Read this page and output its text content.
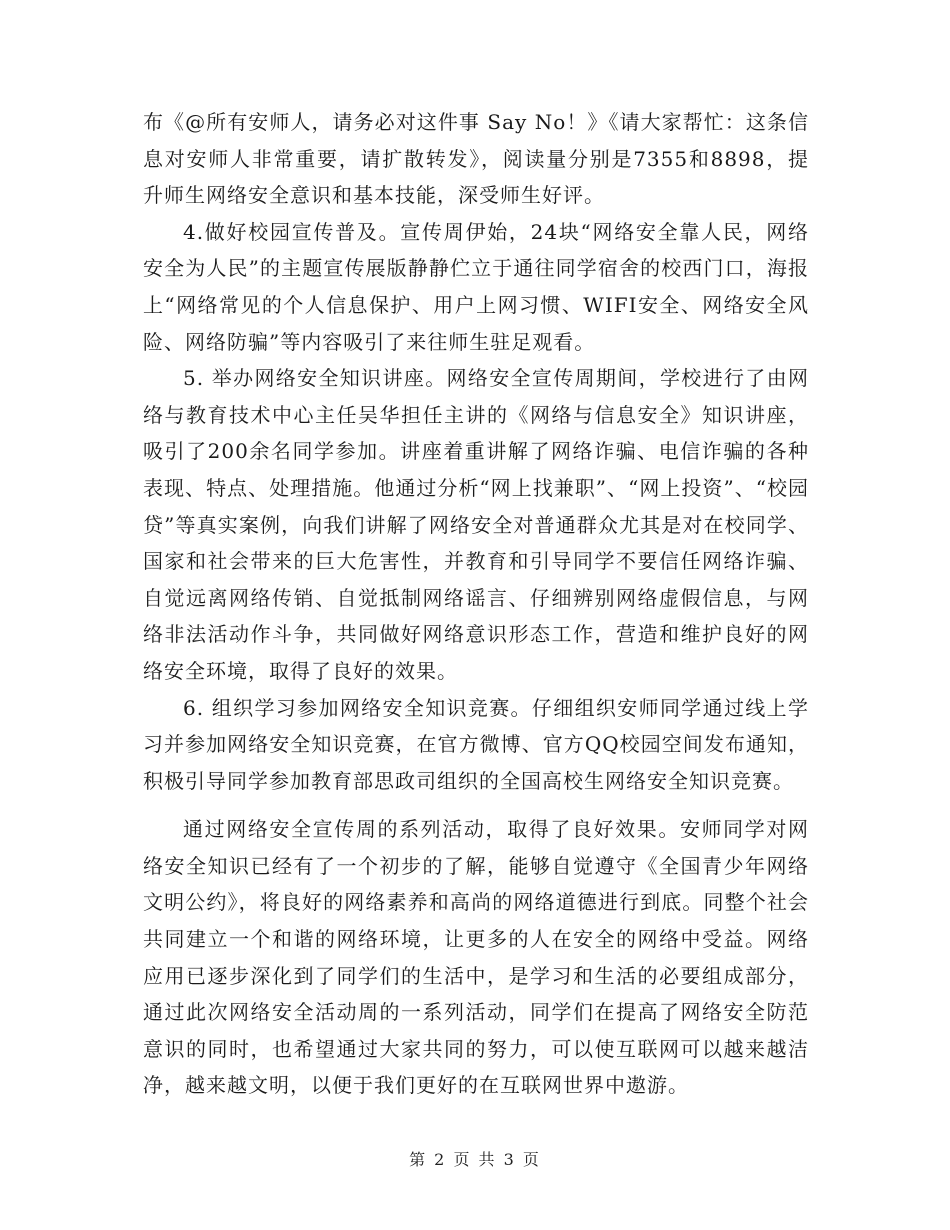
布《@所有安师人，请务必对这件事 Say No！》《请大家帮忙：这条信息对安师人非常重要，请扩散转发》，阅读量分别是7355和8898，提升师生网络安全意识和基本技能，深受师生好评。

4.做好校园宣传普及。宣传周伊始，24块“网络安全靠人民，网络安全为人民”的主题宣传展版静静伫立于通往同学宿舍的校西门口，海报上“网络常见的个人信息保护、用户上网习惯、WIFI安全、网络安全风险、网络防骗”等内容吸引了来往师生驻足观看。

5. 举办网络安全知识讲座。网络安全宣传周期间，学校进行了由网络与教育技术中心主任吴华担任主讲的《网络与信息安全》知识讲座，吸引了200余名同学参加。讲座着重讲解了网络诈骗、电信诈骗的各种表现、特点、处理措施。他通过分析“网上找兼职”、“网上投资”、“校园贷”等真实案例，向我们讲解了网络安全对普通群众尤其是对在校同学、国家和社会带来的巨大危害性，并教育和引导同学不要信任网络诈骗、自觉远离网络传销、自觉抵制网络谣言、仔细辨别网络虚假信息，与网络非法活动作斗争，共同做好网络意识形态工作，营造和维护良好的网络安全环境，取得了良好的效果。

6. 组织学习参加网络安全知识竞赛。仔细组织安师同学通过线上学习并参加网络安全知识竞赛，在官方微博、官方QQ校园空间发布通知，积极引导同学参加教育部思政司组织的全国高校生网络安全知识竞赛。

通过网络安全宣传周的系列活动，取得了良好效果。安师同学对网络安全知识已经有了一个初步的了解，能够自觉遵守《全国青少年网络文明公约》，将良好的网络素养和高尚的网络道德进行到底。同整个社会共同建立一个和谐的网络环境，让更多的人在安全的网络中受益。网络应用已逐步深化到了同学们的生活中，是学习和生活的必要组成部分，通过此次网络安全活动周的一系列活动，同学们在提高了网络安全防范意识的同时，也希望通过大家共同的努力，可以使互联网可以越来越洁净，越来越文明，以便于我们更好的在互联网世界中遨游。

第 2 页 共 3 页
